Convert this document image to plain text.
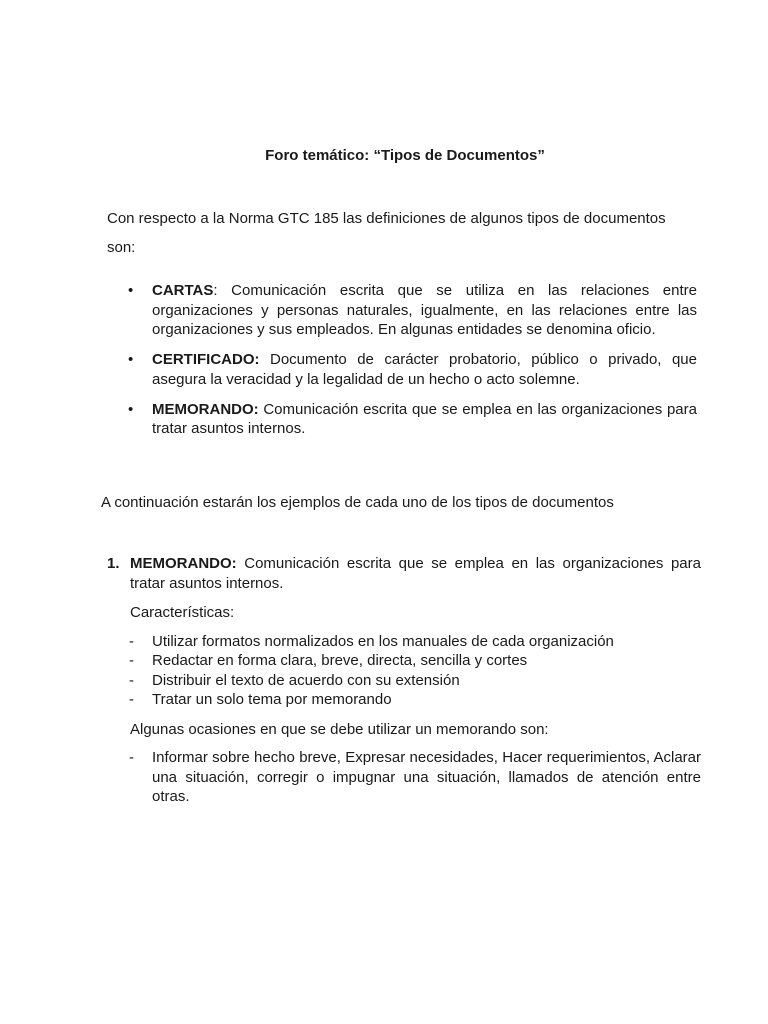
Foro temático: “Tipos de Documentos”
Con respecto a la Norma GTC 185 las definiciones de algunos tipos de documentos son:
• CARTAS: Comunicación escrita que se utiliza en las relaciones entre organizaciones y personas naturales, igualmente, en las relaciones entre las organizaciones y sus empleados. En algunas entidades se denomina oficio.
• CERTIFICADO: Documento de carácter probatorio, público o privado, que asegura la veracidad y la legalidad de un hecho o acto solemne.
• MEMORANDO: Comunicación escrita que se emplea en las organizaciones para tratar asuntos internos.
A continuación estarán los ejemplos de cada uno de los tipos de documentos
1. MEMORANDO: Comunicación escrita que se emplea en las organizaciones para tratar asuntos internos.
Características:
- Utilizar formatos normalizados en los manuales de cada organización
- Redactar en forma clara, breve, directa, sencilla y cortes
- Distribuir el texto de acuerdo con su extensión
- Tratar un solo tema por memorando
Algunas ocasiones en que se debe utilizar un memorando son:
- Informar sobre hecho breve, Expresar necesidades, Hacer requerimientos, Aclarar una situación, corregir o impugnar una situación, llamados de atención entre otras.
